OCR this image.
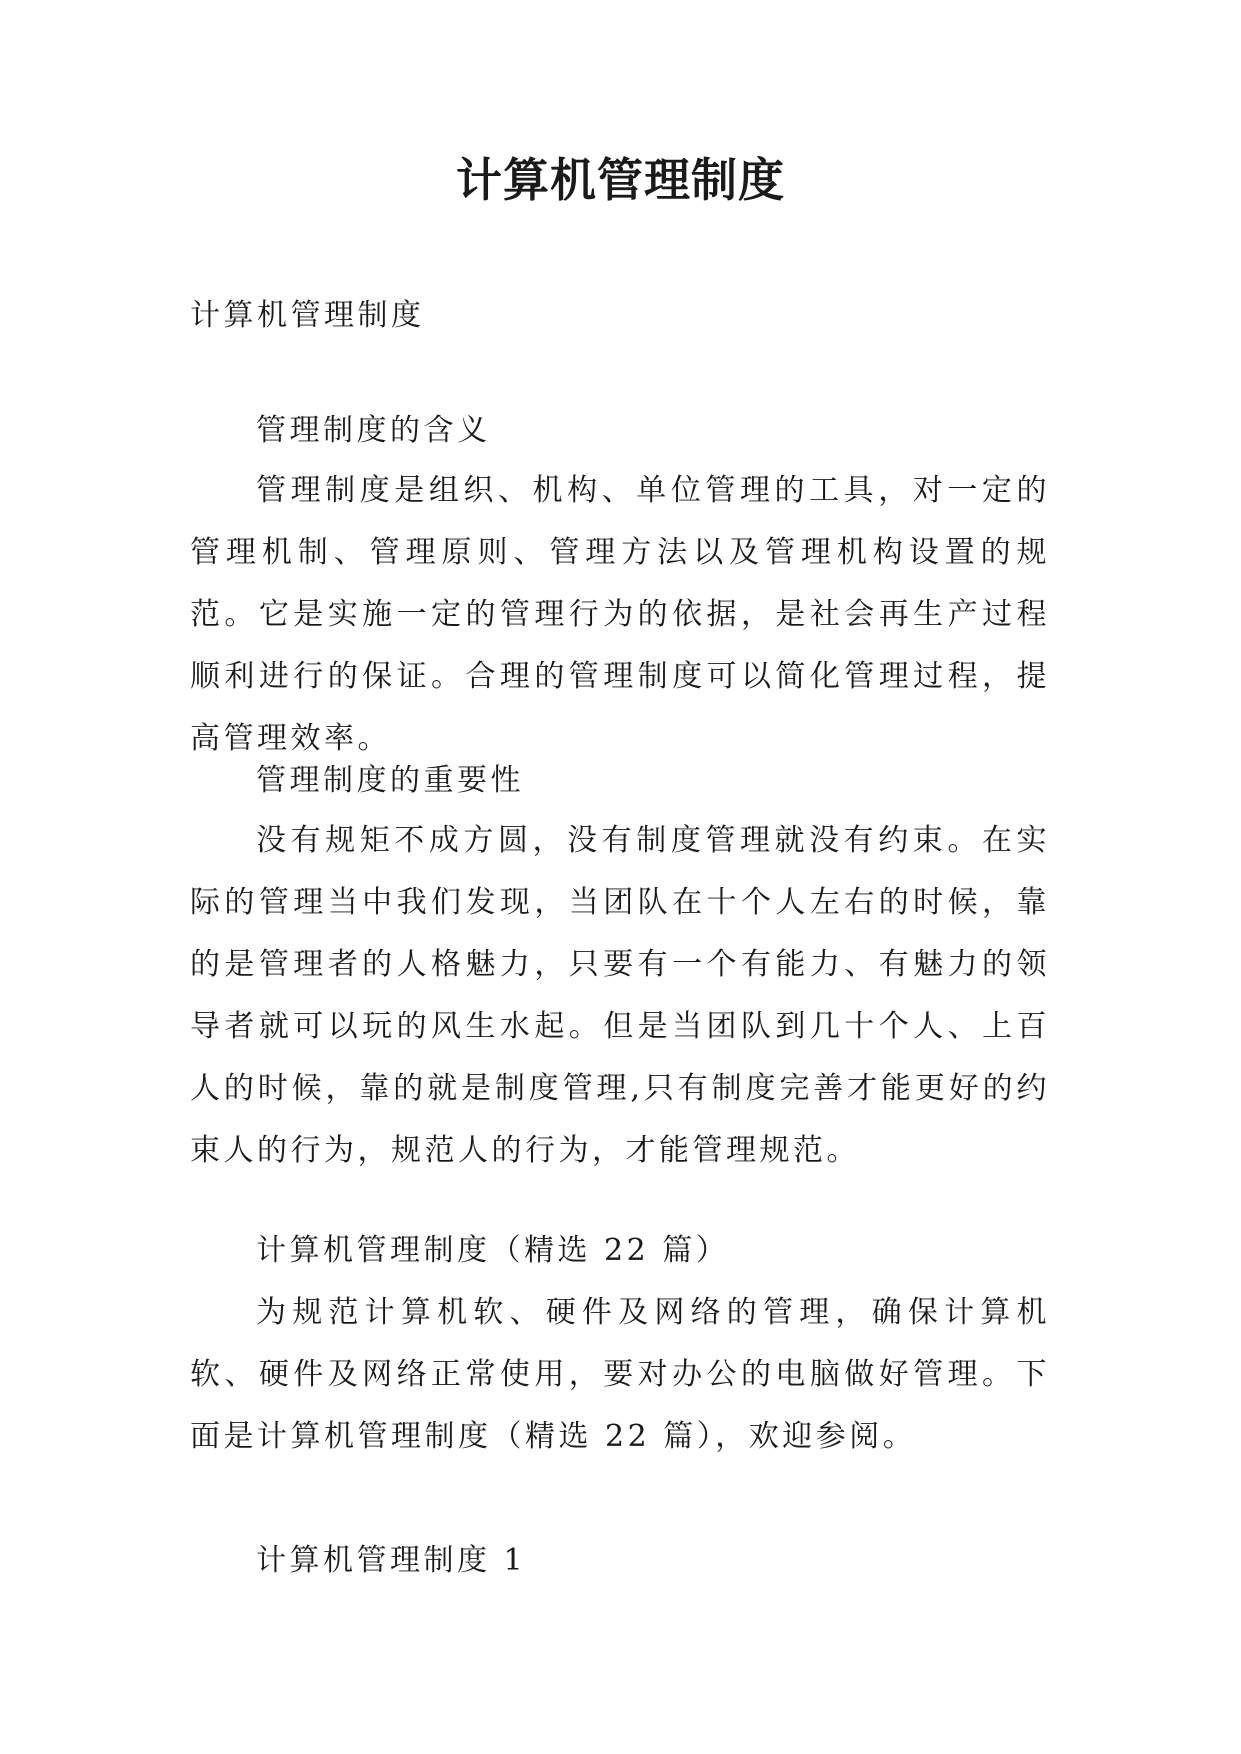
计算机管理制度

计算机管理制度

管理制度的含义

管理制度是组织、机构、单位管理的工具，对一定的管理机制、管理原则、管理方法以及管理机构设置的规范。它是实施一定的管理行为的依据，是社会再生产过程顺利进行的保证。合理的管理制度可以简化管理过程，提高管理效率。

管理制度的重要性

没有规矩不成方圆，没有制度管理就没有约束。在实际的管理当中我们发现，当团队在十个人左右的时候，靠的是管理者的人格魅力，只要有一个有能力、有魅力的领导者就可以玩的风生水起。但是当团队到几十个人、上百人的时候，靠的就是制度管理,只有制度完善才能更好的约束人的行为，规范人的行为，才能管理规范。

计算机管理制度（精选 22 篇）

为规范计算机软、硬件及网络的管理，确保计算机软、硬件及网络正常使用，要对办公的电脑做好管理。下面是计算机管理制度（精选 22 篇），欢迎参阅。

计算机管理制度 1
